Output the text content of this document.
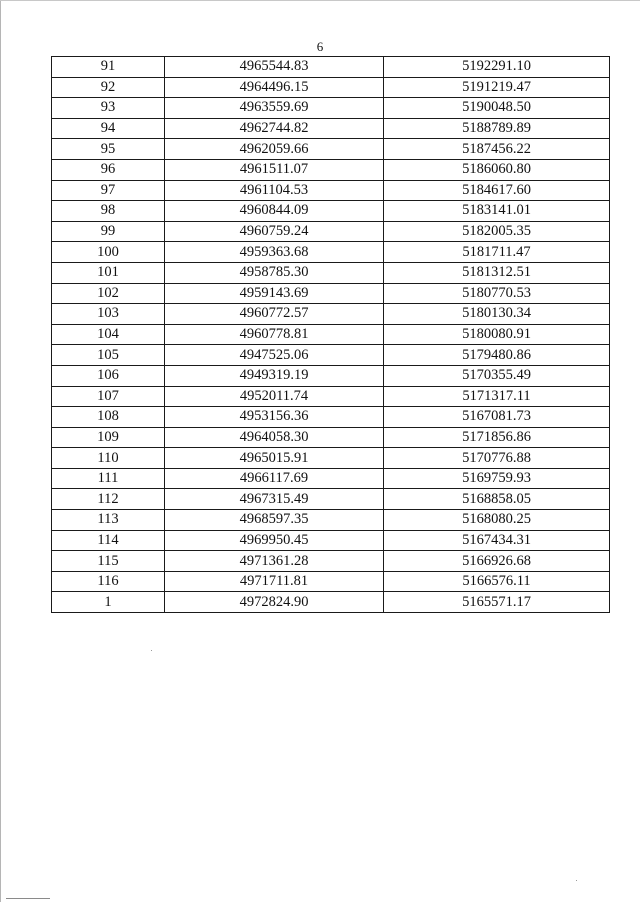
6
91	4965544.83	5192291.10
92	4964496.15	5191219.47
93	4963559.69	5190048.50
94	4962744.82	5188789.89
95	4962059.66	5187456.22
96	4961511.07	5186060.80
97	4961104.53	5184617.60
98	4960844.09	5183141.01
99	4960759.24	5182005.35
100	4959363.68	5181711.47
101	4958785.30	5181312.51
102	4959143.69	5180770.53
103	4960772.57	5180130.34
104	4960778.81	5180080.91
105	4947525.06	5179480.86
106	4949319.19	5170355.49
107	4952011.74	5171317.11
108	4953156.36	5167081.73
109	4964058.30	5171856.86
110	4965015.91	5170776.88
111	4966117.69	5169759.93
112	4967315.49	5168858.05
113	4968597.35	5168080.25
114	4969950.45	5167434.31
115	4971361.28	5166926.68
116	4971711.81	5166576.11
1	4972824.90	5165571.17
